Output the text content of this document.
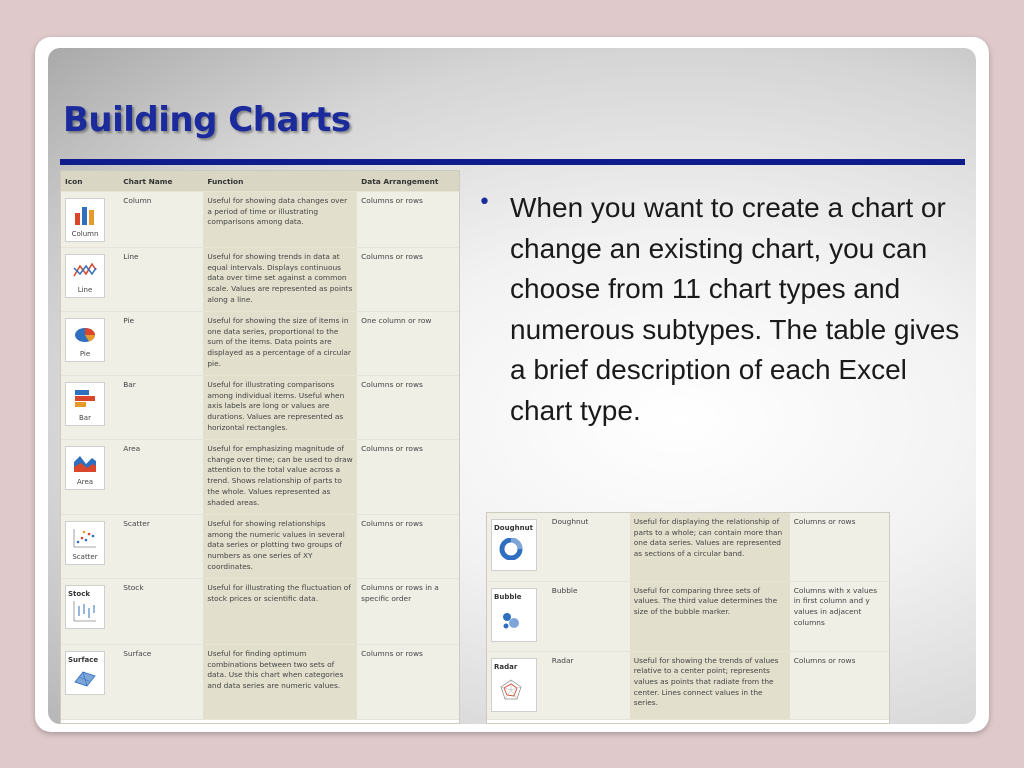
Building Charts
Icon	Chart Name	Function	Data Arrangement

Column	Column	Useful for showing data changes over a period of time or illustrating comparisons among data.	Columns or rows

Line	Line	Useful for showing trends in data at equal intervals. Displays continuous data over time set against a common scale. Values are represented as points along a line.	Columns or rows

Pie	Pie	Useful for showing the size of items in one data series, proportional to the sum of the items. Data points are displayed as a percentage of a circular pie.	One column or row

Bar	Bar	Useful for illustrating comparisons among individual items. Useful when axis labels are long or values are durations. Values are represented as horizontal rectangles.	Columns or rows

Area	Area	Useful for emphasizing magnitude of change over time; can be used to draw attention to the total value across a trend. Shows relationship of parts to the whole. Values represented as shaded areas.	Columns or rows

Scatter	Scatter	Useful for showing relationships among the numeric values in several data series or plotting two groups of numbers as one series of XY coordinates.	Columns or rows

Stock	Stock	Useful for illustrating the fluctuation of stock prices or scientific data.	Columns or rows in a specific order

Surface	Surface	Useful for finding optimum combinations between two sets of data. Use this chart when categories and data series are numeric values.	Columns or rows
Doughnut	Doughnut	Useful for displaying the relationship of parts to a whole; can contain more than one data series. Values are represented as sections of a circular band.	Columns or rows

Bubble	Bubble	Useful for comparing three sets of values. The third value determines the size of the bubble marker.	Columns with x values in first column and y values in adjacent columns

Radar	Radar	Useful for showing the trends of values relative to a center point; represents values as points that radiate from the center. Lines connect values in the series.	Columns or rows
• When you want to create a chart or change an existing chart, you can choose from 11 chart types and numerous subtypes. The table gives a brief description of each Excel chart type.
